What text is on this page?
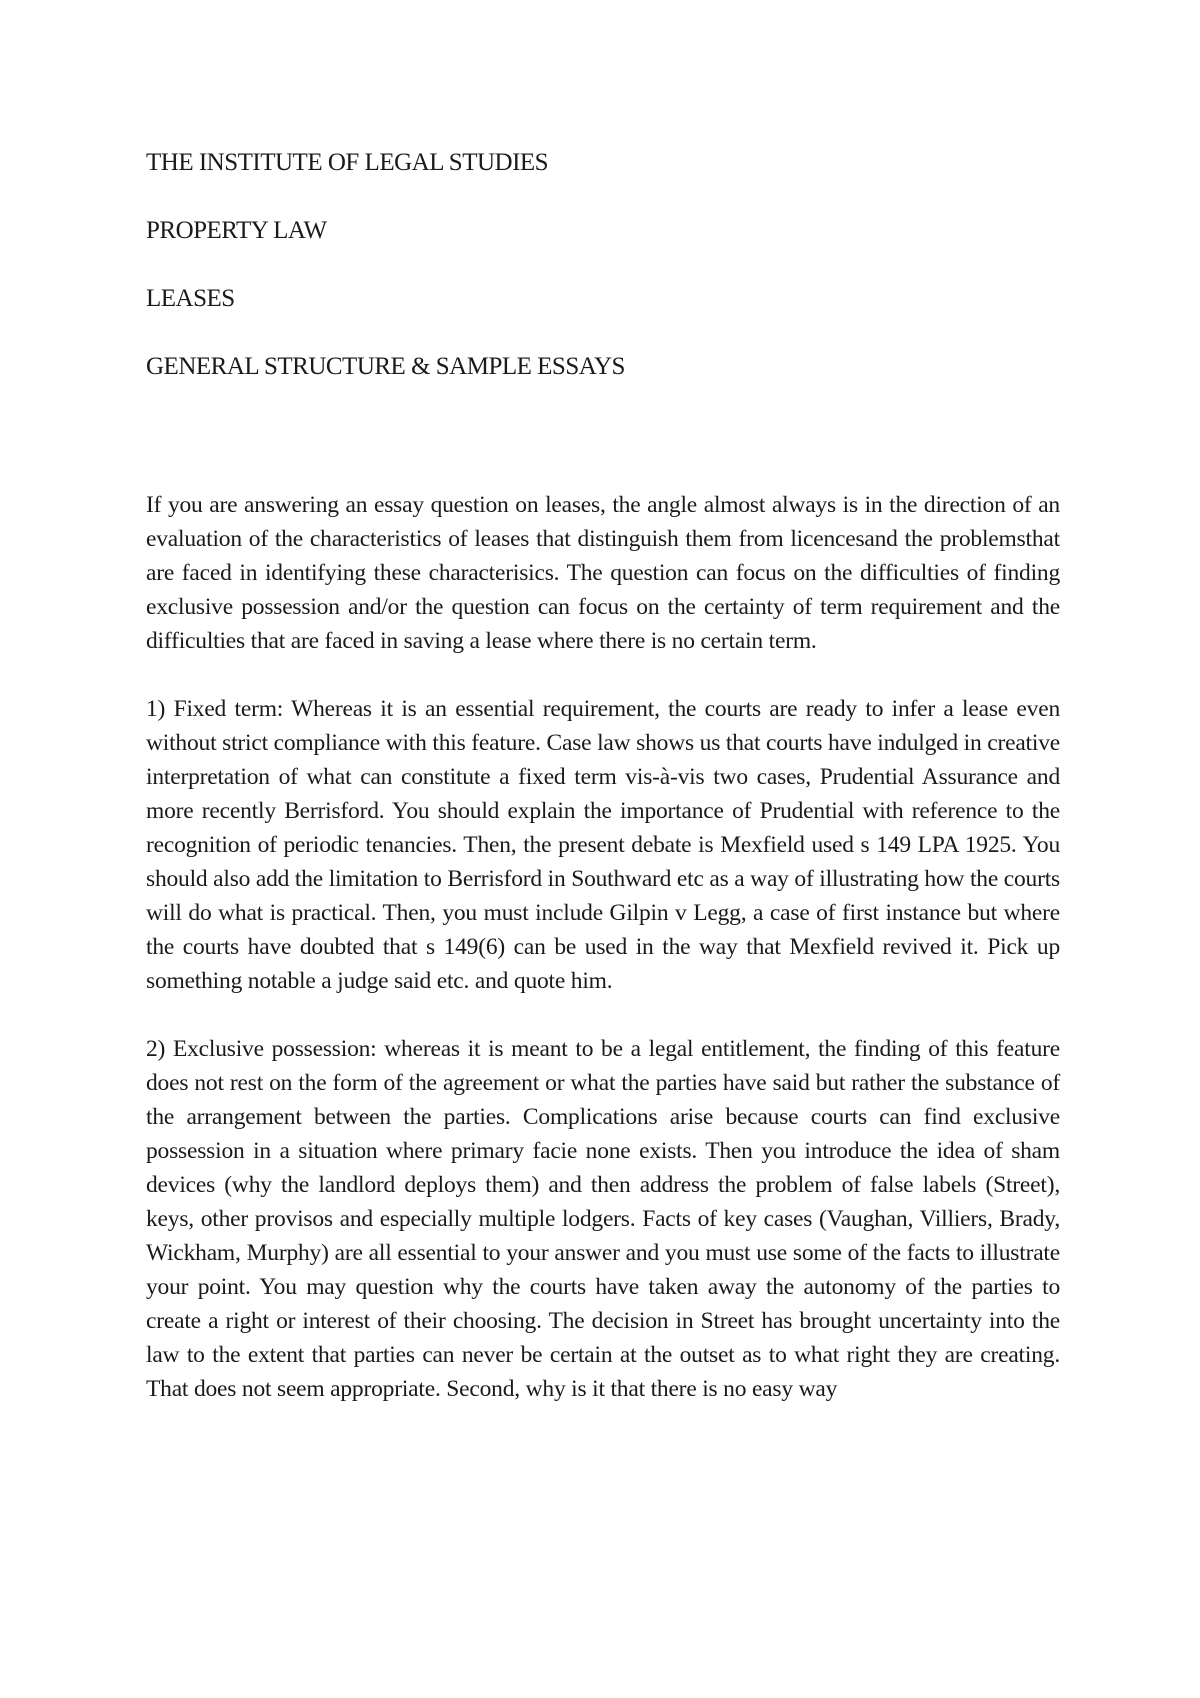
THE INSTITUTE OF LEGAL STUDIES
PROPERTY LAW
LEASES
GENERAL STRUCTURE & SAMPLE ESSAYS

If you are answering an essay question on leases, the angle almost always is in the direction of an evaluation of the characteristics of leases that distinguish them from licencesand the problemsthat are faced in identifying these characterisics. The question can focus on the difficulties of finding exclusive possession and/or the question can focus on the certainty of term requirement and the difficulties that are faced in saving a lease where there is no certain term.

1) Fixed term: Whereas it is an essential requirement, the courts are ready to infer a lease even without strict compliance with this feature. Case law shows us that courts have indulged in creative interpretation of what can constitute a fixed term vis-à-vis two cases, Prudential Assurance and more recently Berrisford. You should explain the importance of Prudential with reference to the recognition of periodic tenancies. Then, the present debate is Mexfield used s 149 LPA 1925. You should also add the limitation to Berrisford in Southward etc as a way of illustrating how the courts will do what is practical. Then, you must include Gilpin v Legg, a case of first instance but where the courts have doubted that s 149(6) can be used in the way that Mexfield revived it. Pick up something notable a judge said etc. and quote him.

2) Exclusive possession: whereas it is meant to be a legal entitlement, the finding of this feature does not rest on the form of the agreement or what the parties have said but rather the substance of the arrangement between the parties. Complications arise because courts can find exclusive possession in a situation where primary facie none exists. Then you introduce the idea of sham devices (why the landlord deploys them) and then address the problem of false labels (Street), keys, other provisos and especially multiple lodgers. Facts of key cases (Vaughan, Villiers, Brady, Wickham, Murphy) are all essential to your answer and you must use some of the facts to illustrate your point. You may question why the courts have taken away the autonomy of the parties to create a right or interest of their choosing. The decision in Street has brought uncertainty into the law to the extent that parties can never be certain at the outset as to what right they are creating. That does not seem appropriate. Second, why is it that there is no easy way
